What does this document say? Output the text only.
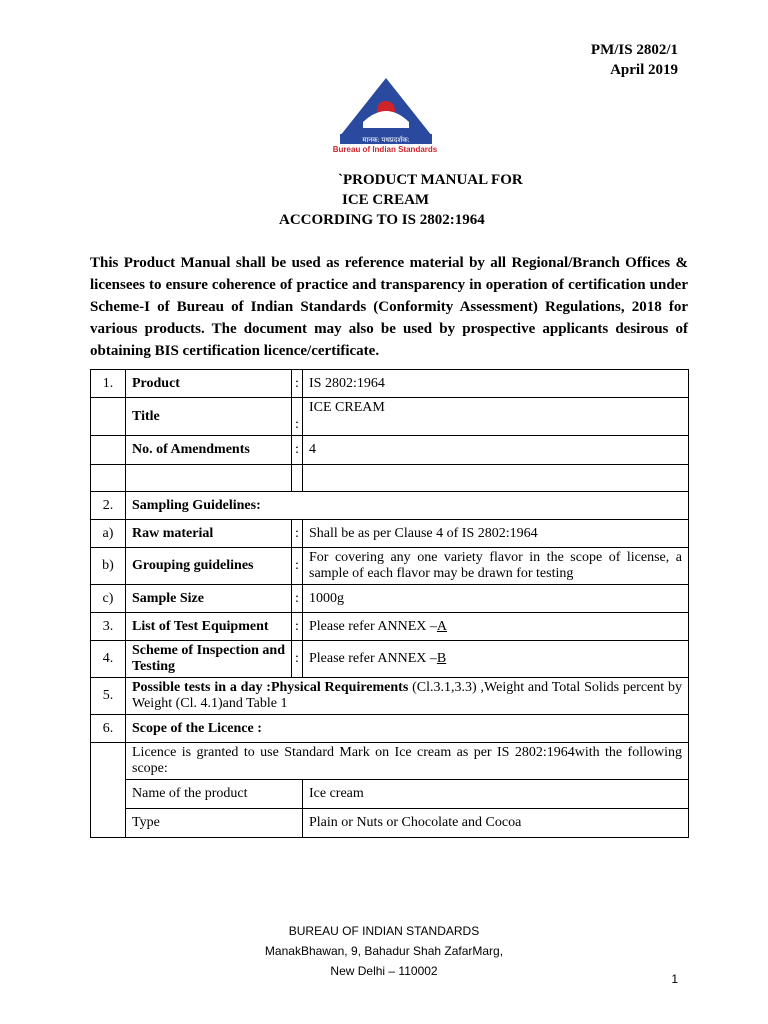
PM/IS 2802/1
April 2019
मानक: पथप्रदर्शक:
Bureau of Indian Standards
`PRODUCT MANUAL FOR
ICE CREAM
ACCORDING TO IS 2802:1964
This Product Manual shall be used as reference material by all Regional/Branch Offices & licensees to ensure coherence of practice and transparency in operation of certification under Scheme-I of Bureau of Indian Standards (Conformity Assessment) Regulations, 2018 for various products. The document may also be used by prospective applicants desirous of obtaining BIS certification licence/certificate.
1.	Product	:	IS 2802:1964
	Title	:	ICE CREAM
	No. of Amendments	:	4

2.	Sampling Guidelines:		
a)	Raw material	:	Shall be as per Clause 4 of IS 2802:1964
b)	Grouping guidelines	:	For covering any one variety flavor in the scope of license, a sample of each flavor may be drawn for testing
c)	Sample Size	:	1000g
3.	List of Test Equipment	:	Please refer ANNEX –A
4.	Scheme of Inspection and Testing	:	Please refer ANNEX –B
5.	Possible tests in a day :Physical Requirements (Cl.3.1,3.3) ,Weight and Total Solids percent by Weight (Cl. 4.1)and Table 1		
6.	Scope of the Licence :		
	Licence is granted to use Standard Mark on Ice cream as per IS 2802:1964with the following scope:		
	Name of the product		Ice cream
	Type		Plain or Nuts or Chocolate and Cocoa
BUREAU OF INDIAN STANDARDS
ManakBhawan, 9, Bahadur Shah ZafarMarg,
New Delhi – 110002
1
